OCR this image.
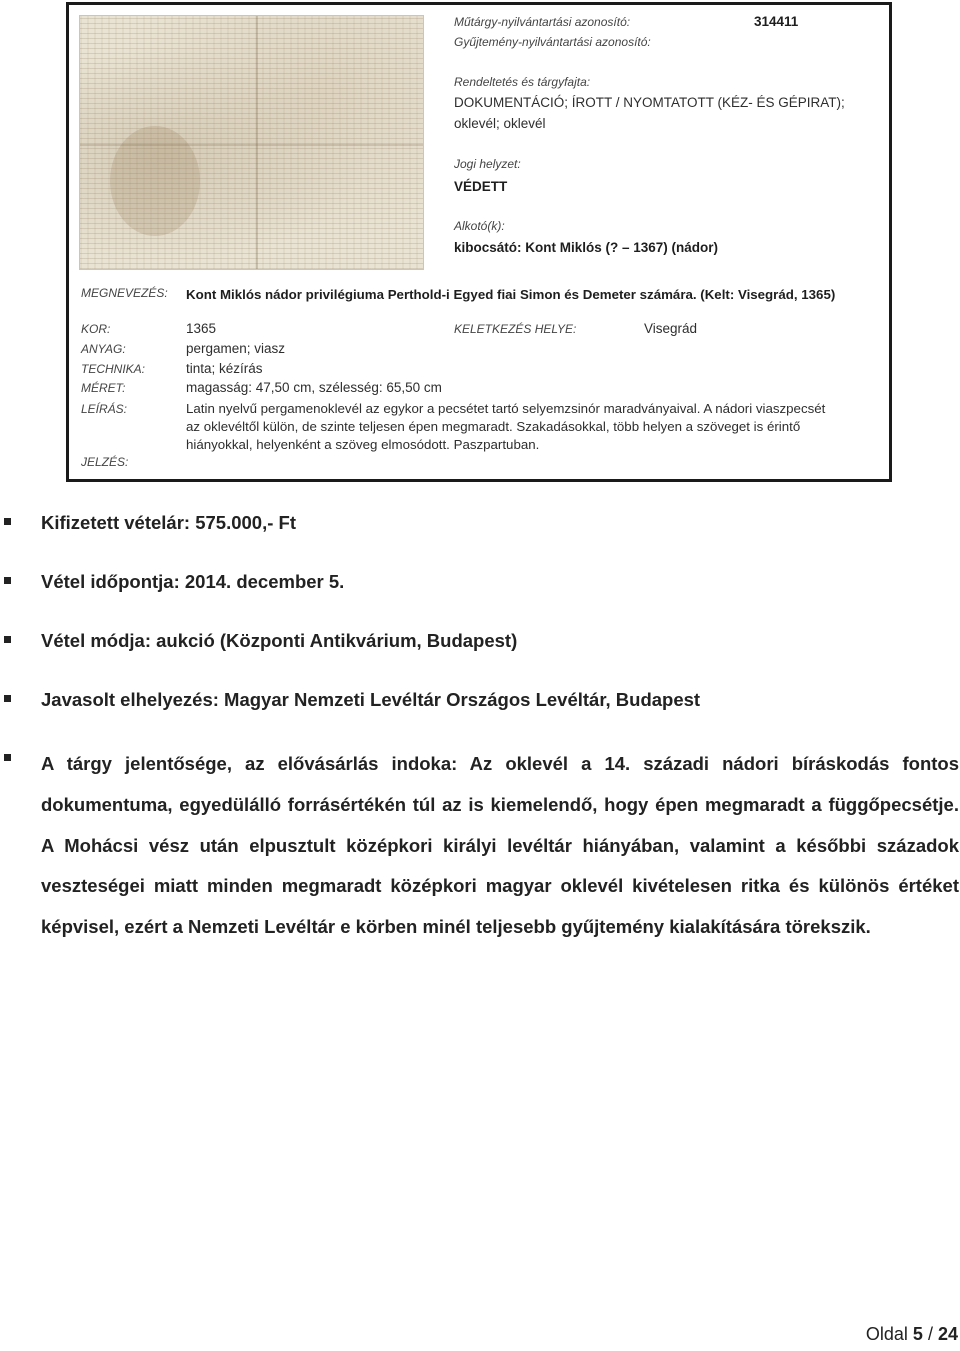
Műtárgy-nyilvántartási azonosító:	314411
Gyűjtemény-nyilvántartási azonosító:
Rendeltetés és tárgyfajta:
DOKUMENTÁCIÓ; ÍROTT / NYOMTATOTT (KÉZ- ÉS GÉPIRAT);
oklevél; oklevél
Jogi helyzet:
VÉDETT
Alkotó(k):
kibocsátó: Kont Miklós (? – 1367) (nádor)
MEGNEVEZÉS: Kont Miklós nádor privilégiuma Perthold-i Egyed fiai Simon és Demeter számára. (Kelt: Visegrád, 1365)
KOR:	1365	KELETKEZÉS HELYE:	Visegrád
ANYAG:	pergamen; viasz
TECHNIKA:	tinta; kézírás
MÉRET:	magasság: 47,50 cm, szélesség: 65,50 cm
LEÍRÁS:	Latin nyelvű pergamenoklevél az egykor a pecsétet tartó selyemzsinór maradványaival. A nádori viaszpecsét
az oklevéltől külön, de szinte teljesen épen megmaradt. Szakadásokkal, több helyen a szöveget is érintő
hiányokkal, helyenként a szöveg elmosódott. Paszpartuban.
JELZÉS:
Kifizetett vételár: 575.000,- Ft
Vétel időpontja: 2014. december 5.
Vétel módja: aukció (Központi Antikvárium, Budapest)
Javasolt elhelyezés: Magyar Nemzeti Levéltár Országos Levéltár, Budapest
A tárgy jelentősége, az elővásárlás indoka: Az oklevél a 14. századi nádori bíráskodás fontos dokumentuma, egyedülálló forrásértékén túl az is kiemelendő, hogy épen megmaradt a függőpecsétje. A Mohácsi vész után elpusztult középkori királyi levéltár hiányában, valamint a későbbi századok veszteségei miatt minden megmaradt középkori magyar oklevél kivételesen ritka és különös értéket képvisel, ezért a Nemzeti Levéltár e körben minél teljesebb gyűjtemény kialakítására törekszik.
Oldal 5 / 24
